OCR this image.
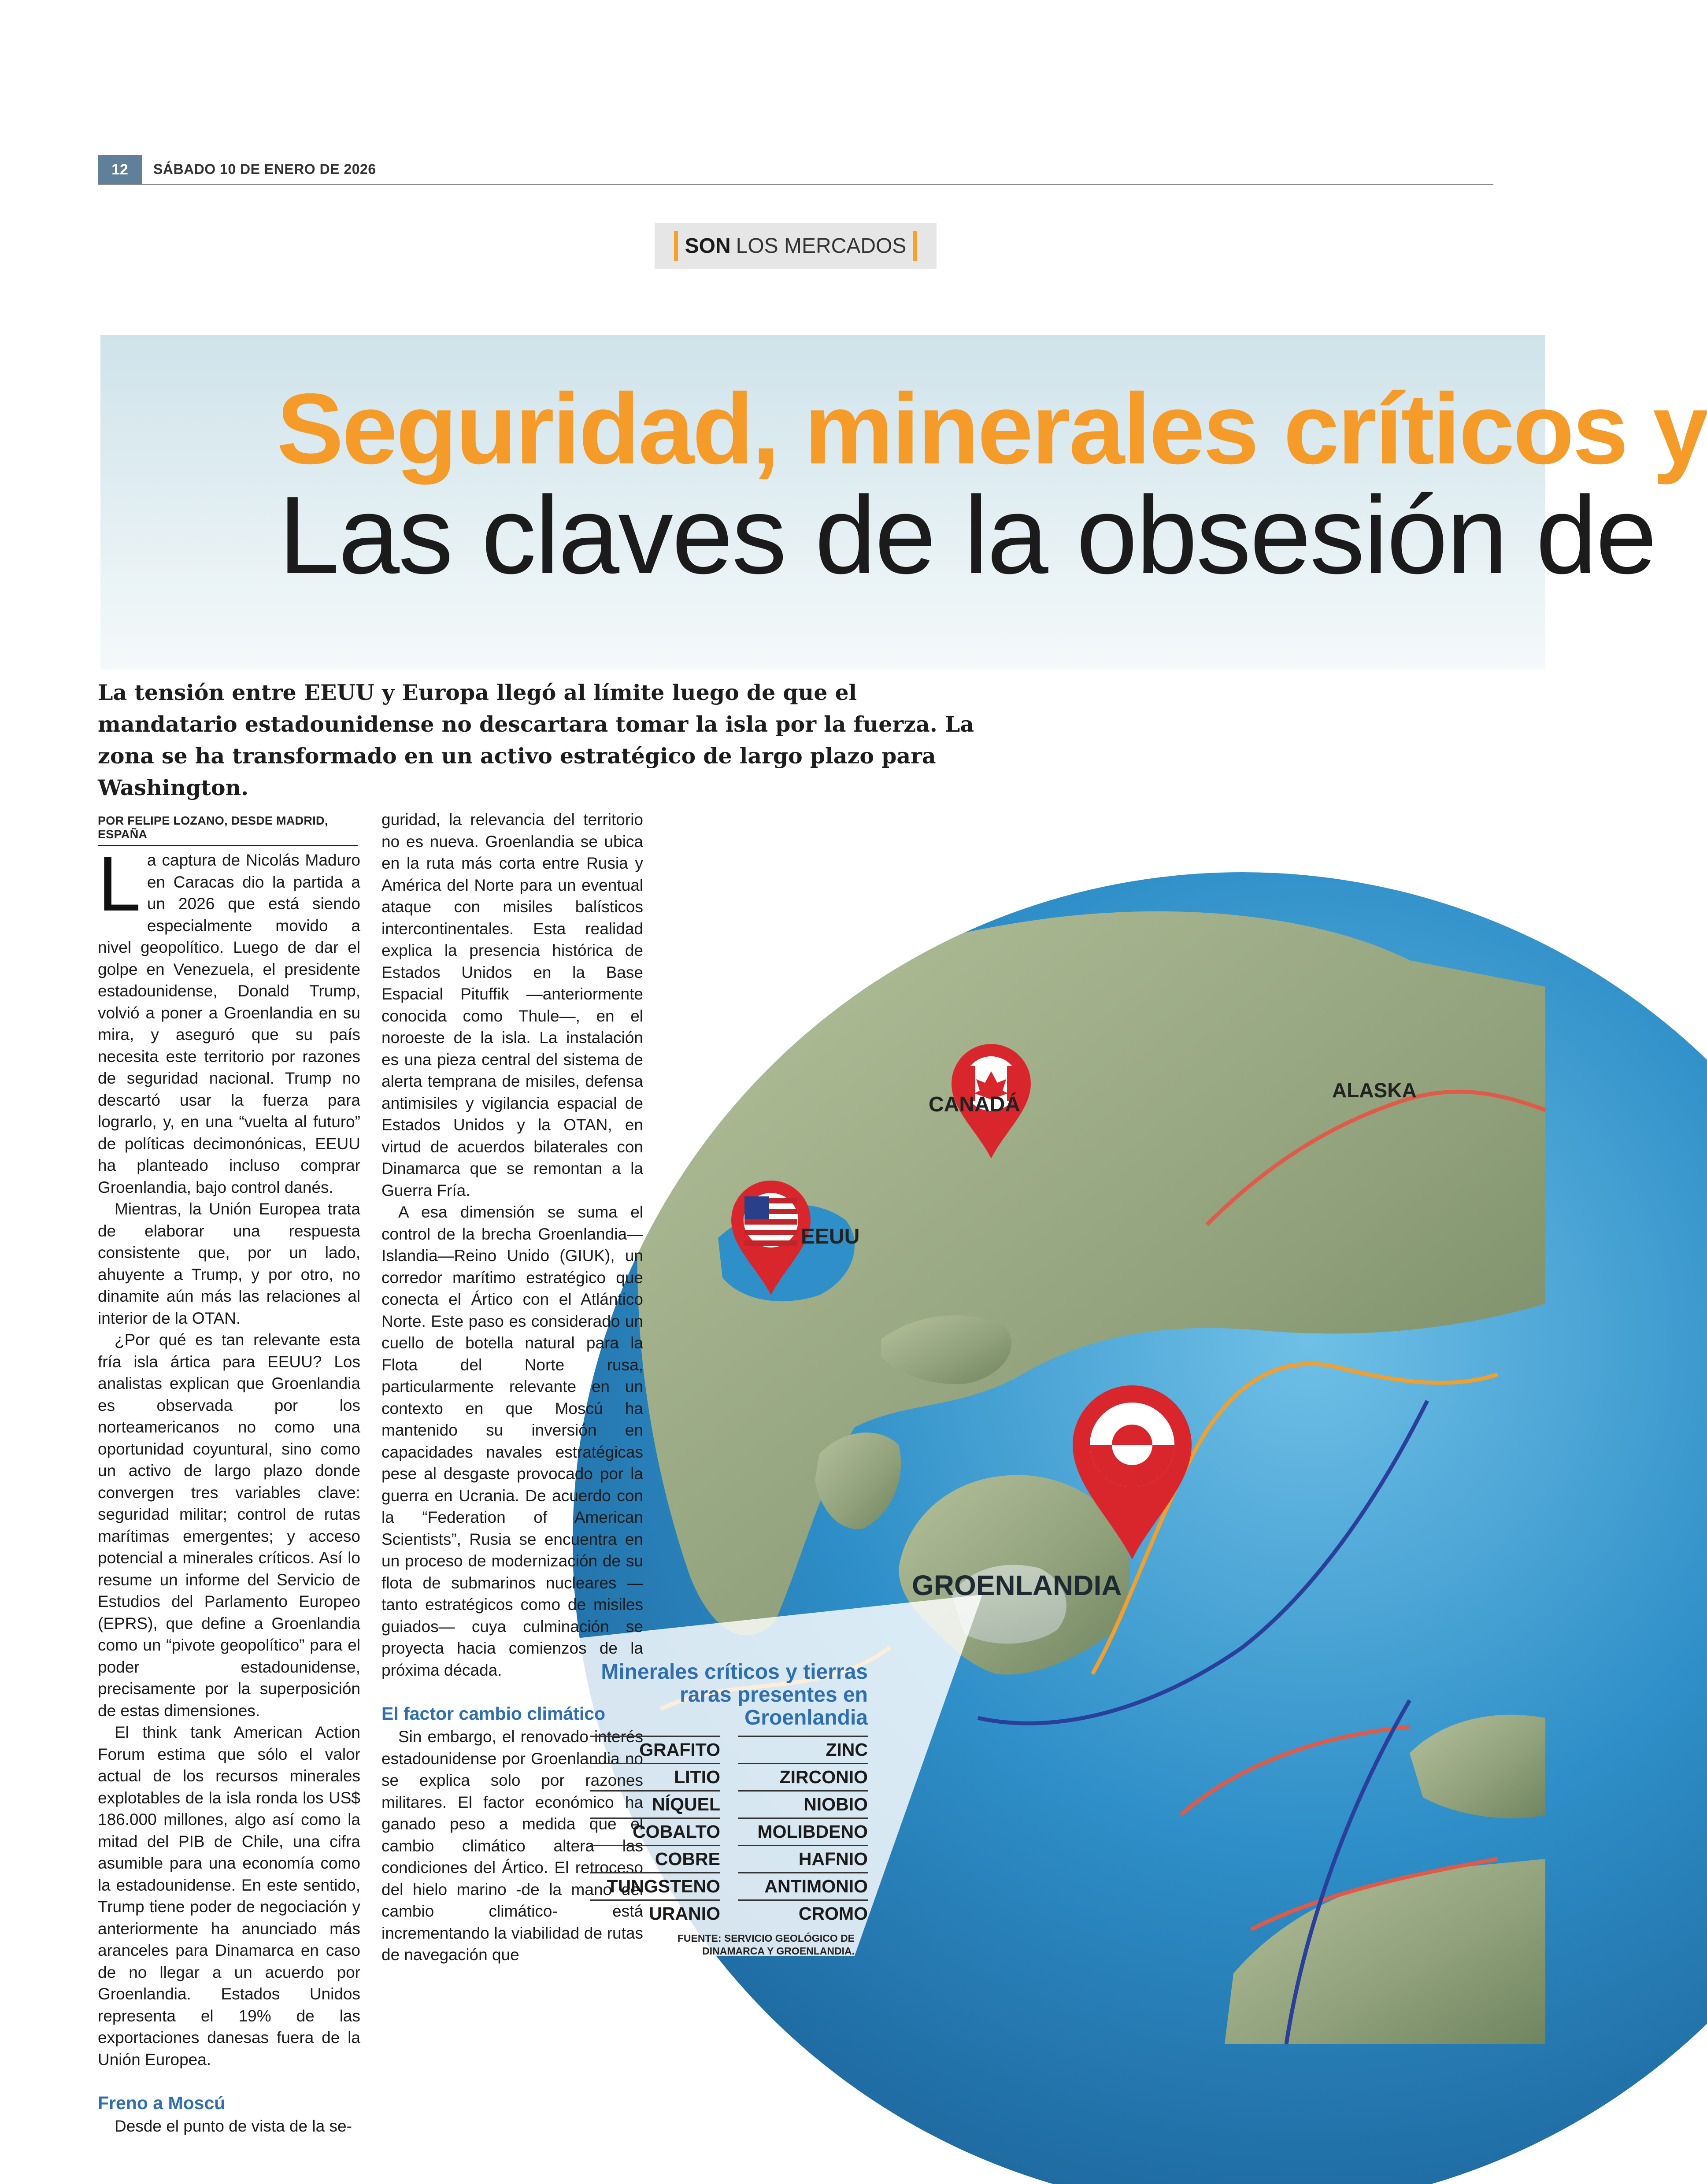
12	SÁBADO 10 DE ENERO DE 2026
SON LOS MERCADOS
Seguridad, minerales críticos y
Las claves de la obsesión de
CANADÁ
ALASKA
EEUU
GROENLANDIA
La tensión entre EEUU y Europa llegó al límite luego de que el mandatario estadounidense no descartara tomar la isla por la fuerza. La zona se ha transformado en un activo estratégico de largo plazo para Washington.
POR FELIPE LOZANO, DESDE MADRID, ESPAÑA

La captura de Nicolás Maduro en Caracas dio la partida a un 2026 que está siendo especialmente movido a nivel geopolítico. Luego de dar el golpe en Venezuela, el presidente estadounidense, Donald Trump, volvió a poner a Groenlandia en su mira, y aseguró que su país necesita este territorio por razones de seguridad nacional. Trump no descartó usar la fuerza para lograrlo, y, en una “vuelta al futuro” de políticas decimonónicas, EEUU ha planteado incluso comprar Groenlandia, bajo control danés.

Mientras, la Unión Europea trata de elaborar una respuesta consistente que, por un lado, ahuyente a Trump, y por otro, no dinamite aún más las relaciones al interior de la OTAN.

¿Por qué es tan relevante esta fría isla ártica para EEUU? Los analistas explican que Groenlandia es observada por los norteamericanos no como una oportunidad coyuntural, sino como un activo de largo plazo donde convergen tres variables clave: seguridad militar; control de rutas marítimas emergentes; y acceso potencial a minerales críticos. Así lo resume un informe del Servicio de Estudios del Parlamento Europeo (EPRS), que define a Groenlandia como un “pivote geopolítico” para el poder estadounidense, precisamente por la superposición de estas dimensiones.

El think tank American Action Forum estima que sólo el valor actual de los recursos minerales explotables de la isla ronda los US$ 186.000 millones, algo así como la mitad del PIB de Chile, una cifra asumible para una economía como la estadounidense. En este sentido, Trump tiene poder de negociación y anteriormente ha anunciado más aranceles para Dinamarca en caso de no llegar a un acuerdo por Groenlandia. Estados Unidos representa el 19% de las exportaciones danesas fuera de la Unión Europea.

Freno a Moscú

Desde el punto de vista de la se-

guridad, la relevancia del territorio no es nueva. Groenlandia se ubica en la ruta más corta entre Rusia y América del Norte para un eventual ataque con misiles balísticos intercontinentales. Esta realidad explica la presencia histórica de Estados Unidos en la Base Espacial Pituffik —anteriormente conocida como Thule—, en el noroeste de la isla. La instalación es una pieza central del sistema de alerta temprana de misiles, defensa antimisiles y vigilancia espacial de Estados Unidos y la OTAN, en virtud de acuerdos bilaterales con Dinamarca que se remontan a la Guerra Fría.

A esa dimensión se suma el control de la brecha Groenlandia—Islandia—Reino Unido (GIUK), un corredor marítimo estratégico que conecta el Ártico con el Atlántico Norte. Este paso es considerado un cuello de botella natural para la Flota del Norte rusa, particularmente relevante en un contexto en que Moscú ha mantenido su inversión en capacidades navales estratégicas pese al desgaste provocado por la guerra en Ucrania. De acuerdo con la “Federation of American Scientists”, Rusia se encuentra en un proceso de modernización de su flota de submarinos nucleares —tanto estratégicos como de misiles guiados— cuya culminación se proyecta hacia comienzos de la próxima década.

El factor cambio climático

Sin embargo, el renovado interés estadounidense por Groenlandia no se explica solo por razones militares. El factor económico ha ganado peso a medida que el cambio climático altera las condiciones del Ártico. El retroceso del hielo marino -de la mano del cambio climático- está incrementando la viabilidad de rutas de navegación que

Minerales críticos y tierras raras presentes en Groenlandia
GRAFITO	ZINC
LITIO	ZIRCONIO
NÍQUEL	NIOBIO
COBALTO	MOLIBDENO
COBRE	HAFNIO
TUNGSTENO	ANTIMONIO
URANIO	CROMO
FUENTE: SERVICIO GEOLÓGICO DE DINAMARCA Y GROENLANDIA.
